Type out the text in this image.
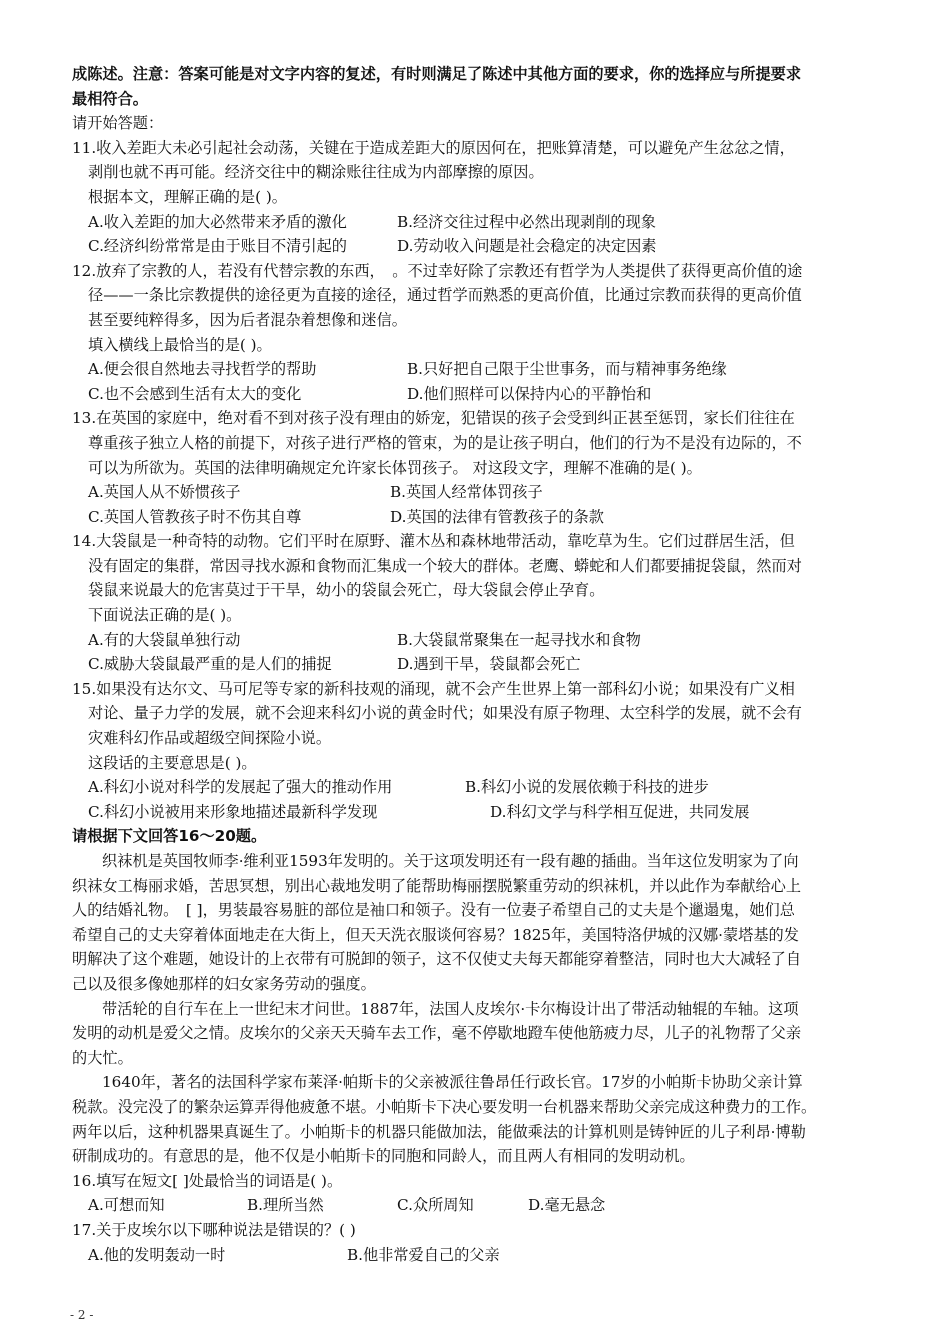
成陈述。注意：答案可能是对文字内容的复述，有时则满足了陈述中其他方面的要求，你的选择应与所提要求
最相符合。
请开始答题：
11.收入差距大未必引起社会动荡，关键在于造成差距大的原因何在，把账算清楚，可以避免产生忿忿之情，
剥削也就不再可能。经济交往中的糊涂账往往成为内部摩擦的原因。
根据本文，理解正确的是( )。
A.收入差距的加大必然带来矛盾的激化	B.经济交往过程中必然出现剥削的现象
C.经济纠纷常常是由于账目不清引起的	D.劳动收入问题是社会稳定的决定因素
12.放弃了宗教的人，若没有代替宗教的东西，　。不过幸好除了宗教还有哲学为人类提供了获得更高价值的途
径——一条比宗教提供的途径更为直接的途径，通过哲学而熟悉的更高价值，比通过宗教而获得的更高价值
甚至要纯粹得多，因为后者混杂着想像和迷信。
填入横线上最恰当的是( )。
A.便会很自然地去寻找哲学的帮助	B.只好把自己限于尘世事务，而与精神事务绝缘
C.也不会感到生活有太大的变化	D.他们照样可以保持内心的平静怡和
13.在英国的家庭中，绝对看不到对孩子没有理由的娇宠，犯错误的孩子会受到纠正甚至惩罚，家长们往往在
尊重孩子独立人格的前提下，对孩子进行严格的管束，为的是让孩子明白，他们的行为不是没有边际的，不
可以为所欲为。英国的法律明确规定允许家长体罚孩子。 对这段文字，理解不准确的是( )。
A.英国人从不娇惯孩子	B.英国人经常体罚孩子
C.英国人管教孩子时不伤其自尊	D.英国的法律有管教孩子的条款
14.大袋鼠是一种奇特的动物。它们平时在原野、灌木丛和森林地带活动，靠吃草为生。它们过群居生活，但
没有固定的集群，常因寻找水源和食物而汇集成一个较大的群体。老鹰、蟒蛇和人们都要捕捉袋鼠，然而对
袋鼠来说最大的危害莫过于干旱，幼小的袋鼠会死亡，母大袋鼠会停止孕育。
下面说法正确的是( )。
A.有的大袋鼠单独行动	B.大袋鼠常聚集在一起寻找水和食物
C.威胁大袋鼠最严重的是人们的捕捉	D.遇到干旱，袋鼠都会死亡
15.如果没有达尔文、马可尼等专家的新科技观的涌现，就不会产生世界上第一部科幻小说；如果没有广义相
对论、量子力学的发展，就不会迎来科幻小说的黄金时代；如果没有原子物理、太空科学的发展，就不会有
灾难科幻作品或超级空间探险小说。
这段话的主要意思是( )。
A.科幻小说对科学的发展起了强大的推动作用	B.科幻小说的发展依赖于科技的进步
C.科幻小说被用来形象地描述最新科学发现	D.科幻文学与科学相互促进，共同发展
请根据下文回答16～20题。
织袜机是英国牧师李·维利亚1593年发明的。关于这项发明还有一段有趣的插曲。当年这位发明家为了向
织袜女工梅丽求婚，苦思冥想，别出心裁地发明了能帮助梅丽摆脱繁重劳动的织袜机，并以此作为奉献给心上
人的结婚礼物。　[ ]，男装最容易脏的部位是袖口和领子。没有一位妻子希望自己的丈夫是个邋遢鬼，她们总
希望自己的丈夫穿着体面地走在大街上，但天天洗衣服谈何容易？1825年，美国特洛伊城的汉娜·蒙塔基的发
明解决了这个难题，她设计的上衣带有可脱卸的领子，这不仅使丈夫每天都能穿着整洁，同时也大大减轻了自
己以及很多像她那样的妇女家务劳动的强度。
带活轮的自行车在上一世纪末才问世。1887年，法国人皮埃尔·卡尔梅设计出了带活动轴辊的车轴。这项
发明的动机是爱父之情。皮埃尔的父亲天天骑车去工作，毫不停歇地蹬车使他筋疲力尽，儿子的礼物帮了父亲
的大忙。
1640年，著名的法国科学家布莱泽·帕斯卡的父亲被派往鲁昂任行政长官。17岁的小帕斯卡协助父亲计算
税款。没完没了的繁杂运算弄得他疲惫不堪。小帕斯卡下决心要发明一台机器来帮助父亲完成这种费力的工作。
两年以后，这种机器果真诞生了。小帕斯卡的机器只能做加法，能做乘法的计算机则是铸钟匠的儿子利昂·博勒
研制成功的。有意思的是，他不仅是小帕斯卡的同胞和同龄人，而且两人有相同的发明动机。
16.填写在短文[ ]处最恰当的词语是( )。
A.可想而知	B.理所当然	C.众所周知	D.毫无悬念
17.关于皮埃尔以下哪种说法是错误的？( )
A.他的发明轰动一时	B.他非常爱自己的父亲
- 2 -
